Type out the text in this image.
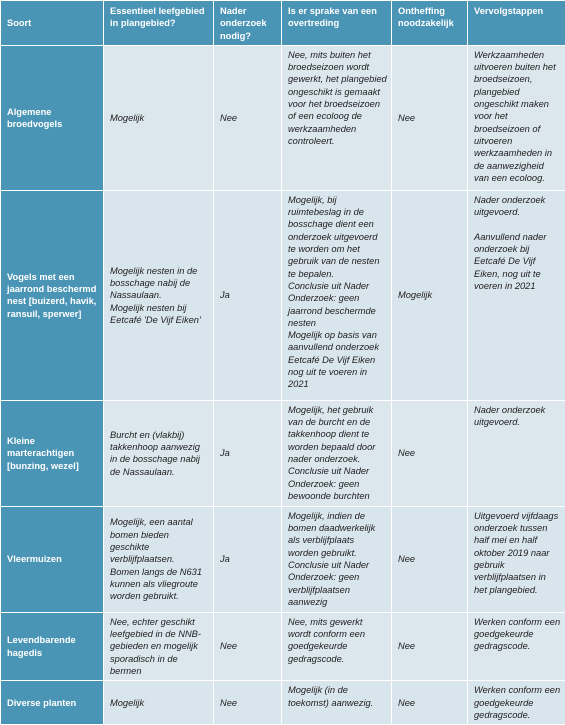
Soort	Essentieel leefgebied in plangebied?	Nader onderzoek nodig?	Is er sprake van een overtreding	Ontheffing noodzakelijk	Vervolgstappen

Algemene broedvogels	Mogelijk	Nee	Nee, mits buiten het broedseizoen wordt gewerkt, het plangebied ongeschikt is gemaakt voor het broedseizoen of een ecoloog de werkzaamheden controleert.	Nee	Werkzaamheden uitvoeren buiten het broedseizoen, plangebied ongeschikt maken voor het broedseizoen of uitvoeren werkzaamheden in de aanwezigheid van een ecoloog.

Vogels met een jaarrond beschermd nest [buizerd, havik, ransuil, sperwer]	Mogelijk nesten in de bosschage nabij de Nassaulaan.
Mogelijk nesten bij Eetcafé 'De Vijf Eiken'	Ja	Mogelijk, bij ruimtebeslag in de bosschage dient een onderzoek uitgevoerd te worden om het gebruik van de nesten te bepalen.
Conclusie uit Nader Onderzoek: geen jaarrond beschermde nesten
Mogelijk op basis van aanvullend onderzoek Eetcafé De Vijf Eiken nog uit te voeren in 2021	Mogelijk	Nader onderzoek uitgevoerd.

Aanvullend nader onderzoek bij Eetcafé De Vijf Eiken, nog uit te voeren in 2021

Kleine marterachtigen [bunzing, wezel]	Burcht en (vlakbij) takkenhoop aanwezig in de bosschage nabij de Nassaulaan.	Ja	Mogelijk, het gebruik van de burcht en de takkenhoop dient te worden bepaald door nader onderzoek.
Conclusie uit Nader Onderzoek: geen bewoonde burchten	Nee	Nader onderzoek uitgevoerd.

Vleermuizen	Mogelijk, een aantal bomen bieden geschikte verblijfplaatsen.
Bomen langs de N631 kunnen als vliegroute worden gebruikt.	Ja	Mogelijk, indien de bomen daadwerkelijk als verblijfplaats worden gebruikt.
Conclusie uit Nader Onderzoek: geen verblijfplaatsen aanwezig	Nee	Uitgevoerd vijfdaags onderzoek tussen half mei en half oktober 2019 naar gebruik verblijfplaatsen in het plangebied.

Levendbarende hagedis	Nee, echter geschikt leefgebied in de NNB-gebieden en mogelijk sporadisch in de bermen	Nee	Nee, mits gewerkt wordt conform een goedgekeurde gedragscode.	Nee	Werken conform een goedgekeurde gedragscode.

Diverse planten	Mogelijk	Nee	Mogelijk (in de toekomst) aanwezig.	Nee	Werken conform een goedgekeurde gedragscode.
